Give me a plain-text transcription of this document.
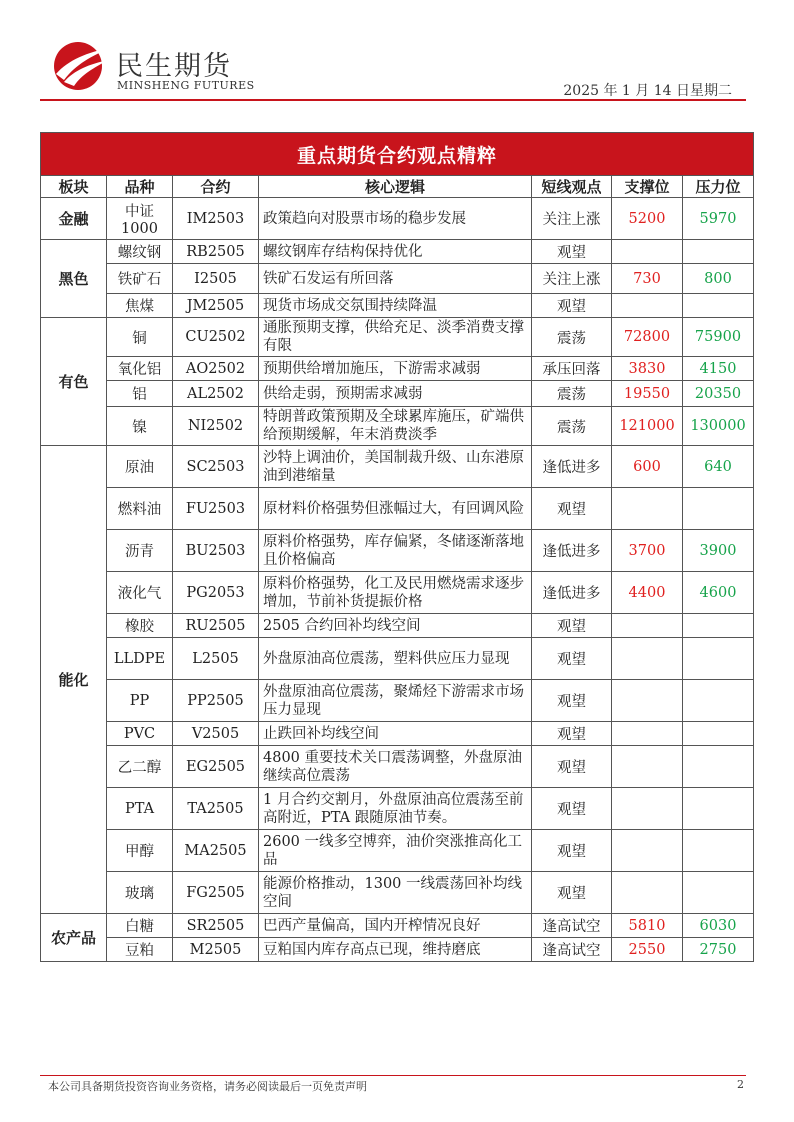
民生期货
MINSHENG FUTURES	2025 年 1 月 14 日星期二
重点期货合约观点精粹						
板块	品种	合约	核心逻辑	短线观点	支撑位	压力位
金融	中证1000	IM2503	政策趋向对股票市场的稳步发展	关注上涨	5200	5970
黑色	螺纹钢	RB2505	螺纹钢库存结构保持优化	观望		
	铁矿石	I2505	铁矿石发运有所回落	关注上涨	730	800
	焦煤	JM2505	现货市场成交氛围持续降温	观望		
有色	铜	CU2502	通胀预期支撑，供给充足、淡季消费支撑有限	震荡	72800	75900
	氧化铝	AO2502	预期供给增加施压，下游需求减弱	承压回落	3830	4150
	铝	AL2502	供给走弱，预期需求减弱	震荡	19550	20350
	镍	NI2502	特朗普政策预期及全球累库施压，矿端供给预期缓解，年末消费淡季	震荡	121000	130000
能化	原油	SC2503	沙特上调油价，美国制裁升级、山东港原油到港缩量	逢低进多	600	640
	燃料油	FU2503	原材料价格强势但涨幅过大，有回调风险	观望		
	沥青	BU2503	原料价格强势，库存偏紧，冬储逐渐落地且价格偏高	逢低进多	3700	3900
	液化气	PG2053	原料价格强势，化工及民用燃烧需求逐步增加，节前补货提振价格	逢低进多	4400	4600
	橡胶	RU2505	2505 合约回补均线空间	观望		
	LLDPE	L2505	外盘原油高位震荡，塑料供应压力显现	观望		
	PP	PP2505	外盘原油高位震荡，聚烯烃下游需求市场压力显现	观望		
	PVC	V2505	止跌回补均线空间	观望		
	乙二醇	EG2505	4800 重要技术关口震荡调整，外盘原油继续高位震荡	观望		
	PTA	TA2505	1 月合约交割月，外盘原油高位震荡至前高附近，PTA 跟随原油节奏。	观望		
	甲醇	MA2505	2600 一线多空博弈，油价突涨推高化工品	观望		
	玻璃	FG2505	能源价格推动，1300 一线震荡回补均线空间	观望		
农产品	白糖	SR2505	巴西产量偏高，国内开榨情况良好	逢高试空	5810	6030
	豆粕	M2505	豆粕国内库存高点已现，维持磨底	逢高试空	2550	2750
本公司具备期货投资咨询业务资格，请务必阅读最后一页免责声明	2
